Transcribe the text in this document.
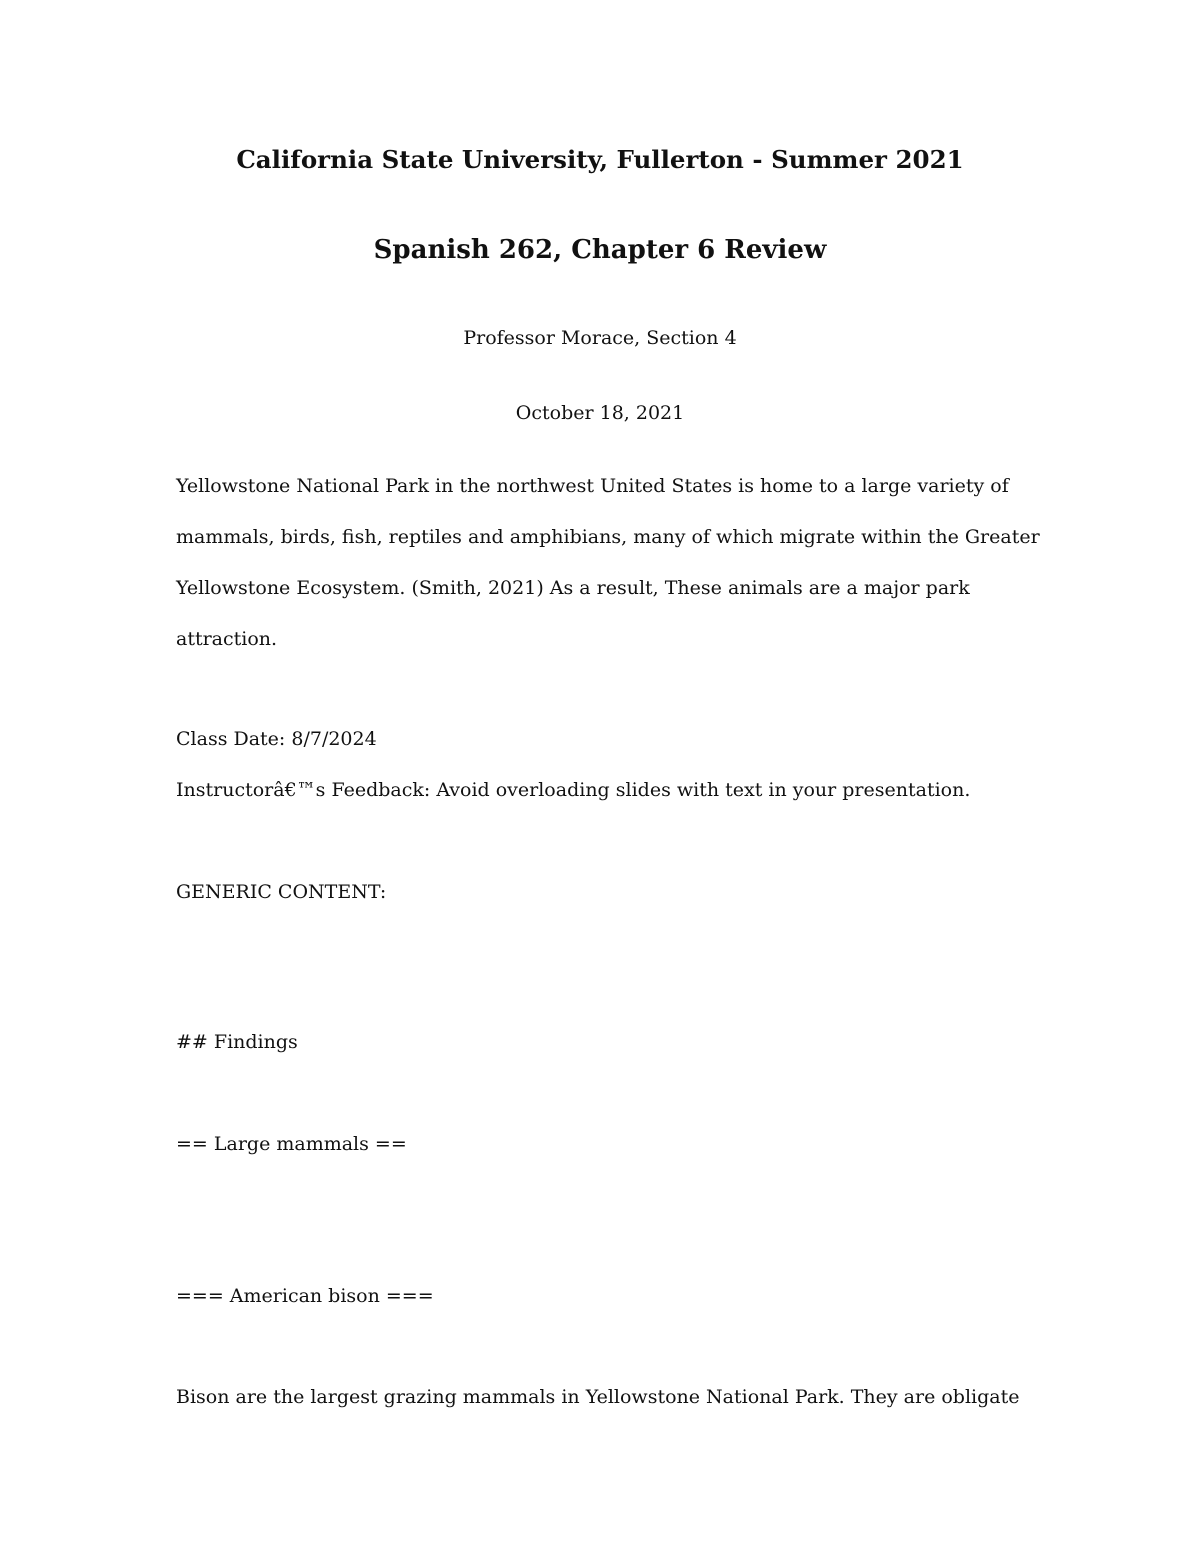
California State University, Fullerton - Summer 2021
Spanish 262, Chapter 6 Review
Professor Morace, Section 4
October 18, 2021
Yellowstone National Park in the northwest United States is home to a large variety of
mammals, birds, fish, reptiles and amphibians, many of which migrate within the Greater
Yellowstone Ecosystem. (Smith, 2021) As a result, These animals are a major park
attraction.
Class Date: 8/7/2024
Instructorâ€™s Feedback: Avoid overloading slides with text in your presentation.
GENERIC CONTENT:
## Findings
== Large mammals ==
=== American bison ===
Bison are the largest grazing mammals in Yellowstone National Park. They are obligate
